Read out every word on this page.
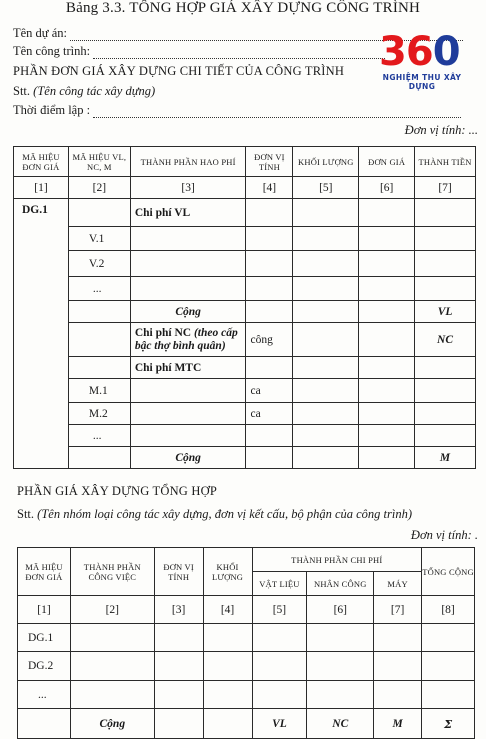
Bảng 3.3. TỔNG HỢP GIÁ XÂY DỰNG CÔNG TRÌNH
Tên dự án:
Tên công trình:
PHẦN ĐƠN GIÁ XÂY DỰNG CHI TIẾT CỦA CÔNG TRÌNH
Stt. (Tên công tác xây dựng)
Thời điểm lập :
Đơn vị tính: ...
360
NGHIỆM THU XÂY DỰNG
MÃ HIỆU ĐƠN GIÁ	MÃ HIỆU VL, NC, M	THÀNH PHẦN HAO PHÍ	ĐƠN VỊ TÍNH	KHỐI LƯỢNG	ĐƠN GIÁ	THÀNH TIỀN
[1]	[2]	[3]	[4]	[5]	[6]	[7]
DG.1		Chi phí VL				
	V.1					
	V.2					
	...					
		Cộng				VL
		Chi phí NC (theo cấp bậc thợ bình quân)	công			NC
		Chi phí MTC				
	M.1		ca			
	M.2		ca			
	...					
		Cộng				M
PHẦN GIÁ XÂY DỰNG TỔNG HỢP
Stt. (Tên nhóm loại công tác xây dựng, đơn vị kết cấu, bộ phận của công trình)
Đơn vị tính: .
MÃ HIỆU ĐƠN GIÁ	THÀNH PHẦN CÔNG VIỆC	ĐƠN VỊ TÍNH	KHỐI LƯỢNG	THÀNH PHẦN CHI PHÍ			TỔNG CỘNG
				VẬT LIỆU	NHÂN CÔNG	MÁY	
[1]	[2]	[3]	[4]	[5]	[6]	[7]	[8]
DG.1							
DG.2							
...							
	Cộng			VL	NC	M	Σ
